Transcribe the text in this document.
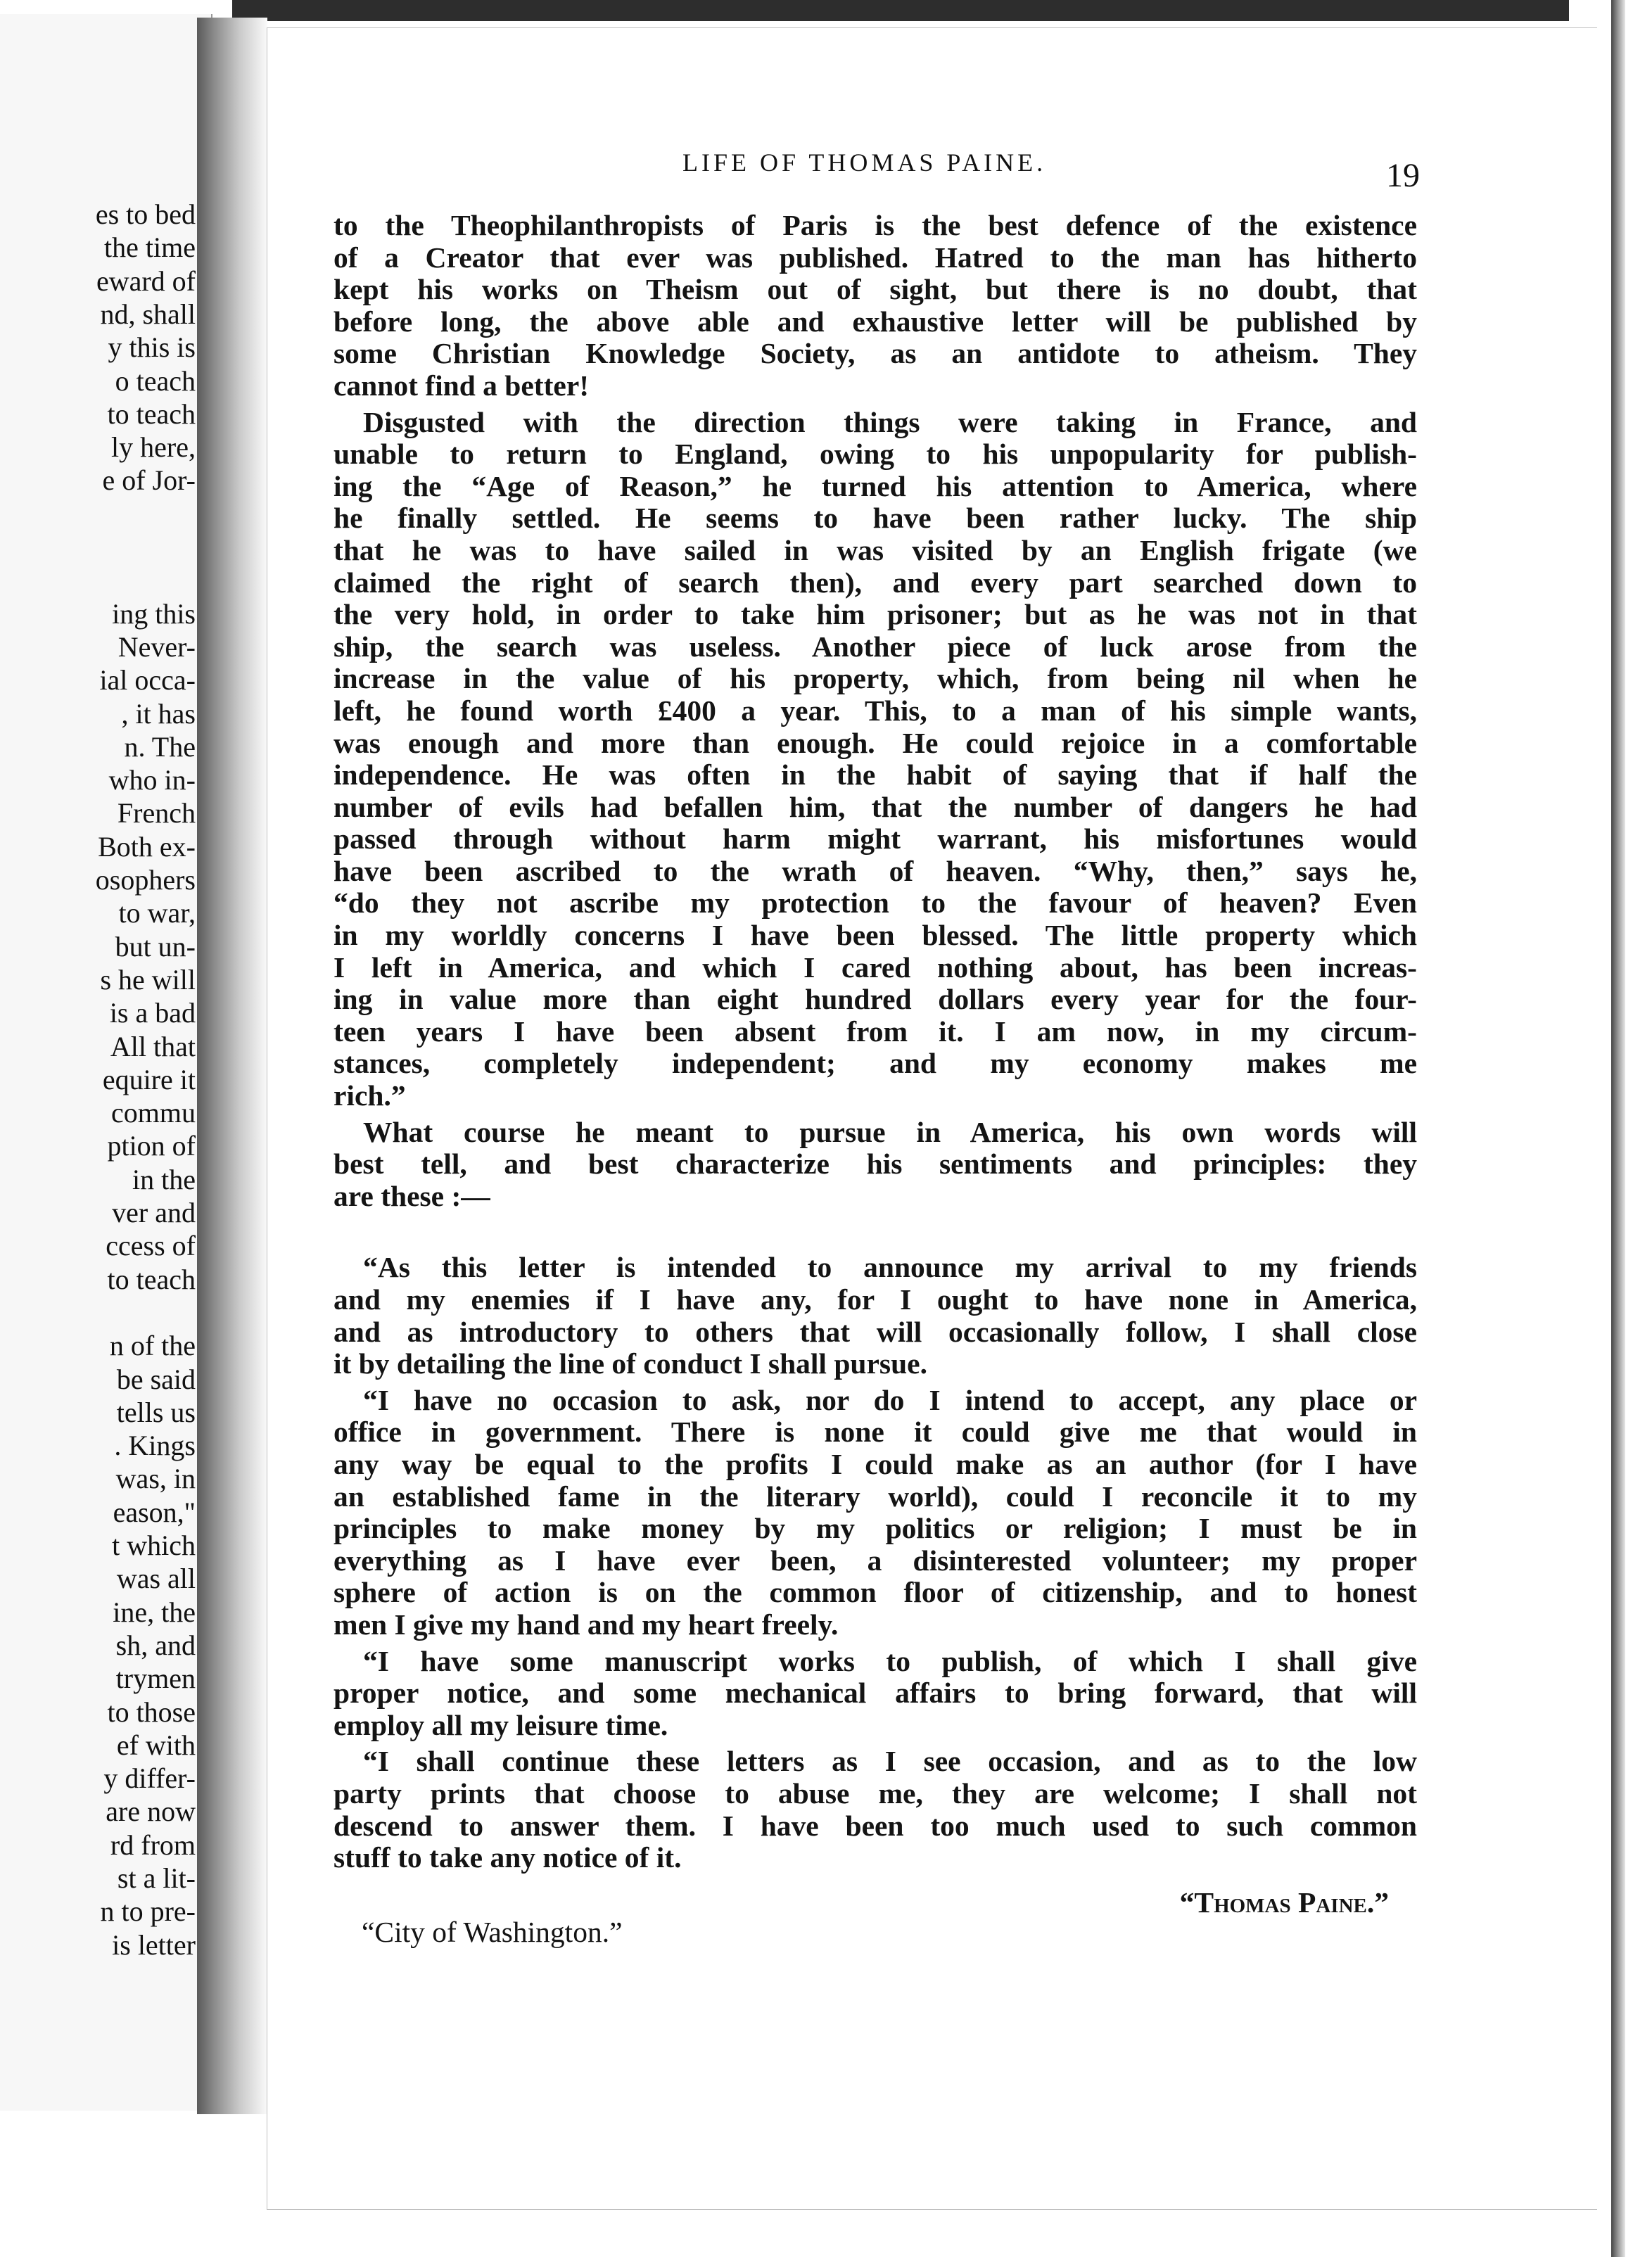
es to bed
the time
eward of
nd, shall
y this is
o teach
to teach
ly here,
e of Jor-
ing this
Never-
ial occa-
, it has
n. The
who in-
French
Both ex-
osophers
to war,
but un-
s he will
is a bad
All that
equire it
commu
ption of
in the
ver and
ccess of
to teach
n of the
be said
tells us
. Kings
was, in
eason,"
t which
was all
ine, the
sh, and
trymen
to those
ef with
y differ-
are now
rd from
st a lit-
n to pre-
is letter
LIFE OF THOMAS PAINE.	19

to the Theophilanthropists of Paris is the best defence of the existence

of a Creator that ever was published. Hatred to the man has hitherto

kept his works on Theism out of sight, but there is no doubt, that

before long, the above able and exhaustive letter will be published by

some Christian Knowledge Society, as an antidote to atheism. They

cannot find a better!

Disgusted with the direction things were taking in France, and

unable to return to England, owing to his unpopularity for publish-

ing the “Age of Reason,” he turned his attention to America, where

he finally settled. He seems to have been rather lucky. The ship

that he was to have sailed in was visited by an English frigate (we

claimed the right of search then), and every part searched down to

the very hold, in order to take him prisoner; but as he was not in that

ship, the search was useless. Another piece of luck arose from the

increase in the value of his property, which, from being nil when he

left, he found worth £400 a year. This, to a man of his simple wants,

was enough and more than enough. He could rejoice in a comfortable

independence. He was often in the habit of saying that if half the

number of evils had befallen him, that the number of dangers he had

passed through without harm might warrant, his misfortunes would

have been ascribed to the wrath of heaven. “Why, then,” says he,

“do they not ascribe my protection to the favour of heaven? Even

in my worldly concerns I have been blessed. The little property which

I left in America, and which I cared nothing about, has been increas-

ing in value more than eight hundred dollars every year for the four-

teen years I have been absent from it. I am now, in my circum-

stances, completely independent; and my economy makes me

rich.”

What course he meant to pursue in America, his own words will

best tell, and best characterize his sentiments and principles: they

are these :—

“As this letter is intended to announce my arrival to my friends

and my enemies if I have any, for I ought to have none in America,

and as introductory to others that will occasionally follow, I shall close

it by detailing the line of conduct I shall pursue.

“I have no occasion to ask, nor do I intend to accept, any place or

office in government. There is none it could give me that would in

any way be equal to the profits I could make as an author (for I have

an established fame in the literary world), could I reconcile it to my

principles to make money by my politics or religion; I must be in

everything as I have ever been, a disinterested volunteer; my proper

sphere of action is on the common floor of citizenship, and to honest

men I give my hand and my heart freely.

“I have some manuscript works to publish, of which I shall give

proper notice, and some mechanical affairs to bring forward, that will

employ all my leisure time.

“I shall continue these letters as I see occasion, and as to the low

party prints that choose to abuse me, they are welcome; I shall not

descend to answer them. I have been too much used to such common

stuff to take any notice of it.

“Thomas Paine.”
“City of Washington.”
